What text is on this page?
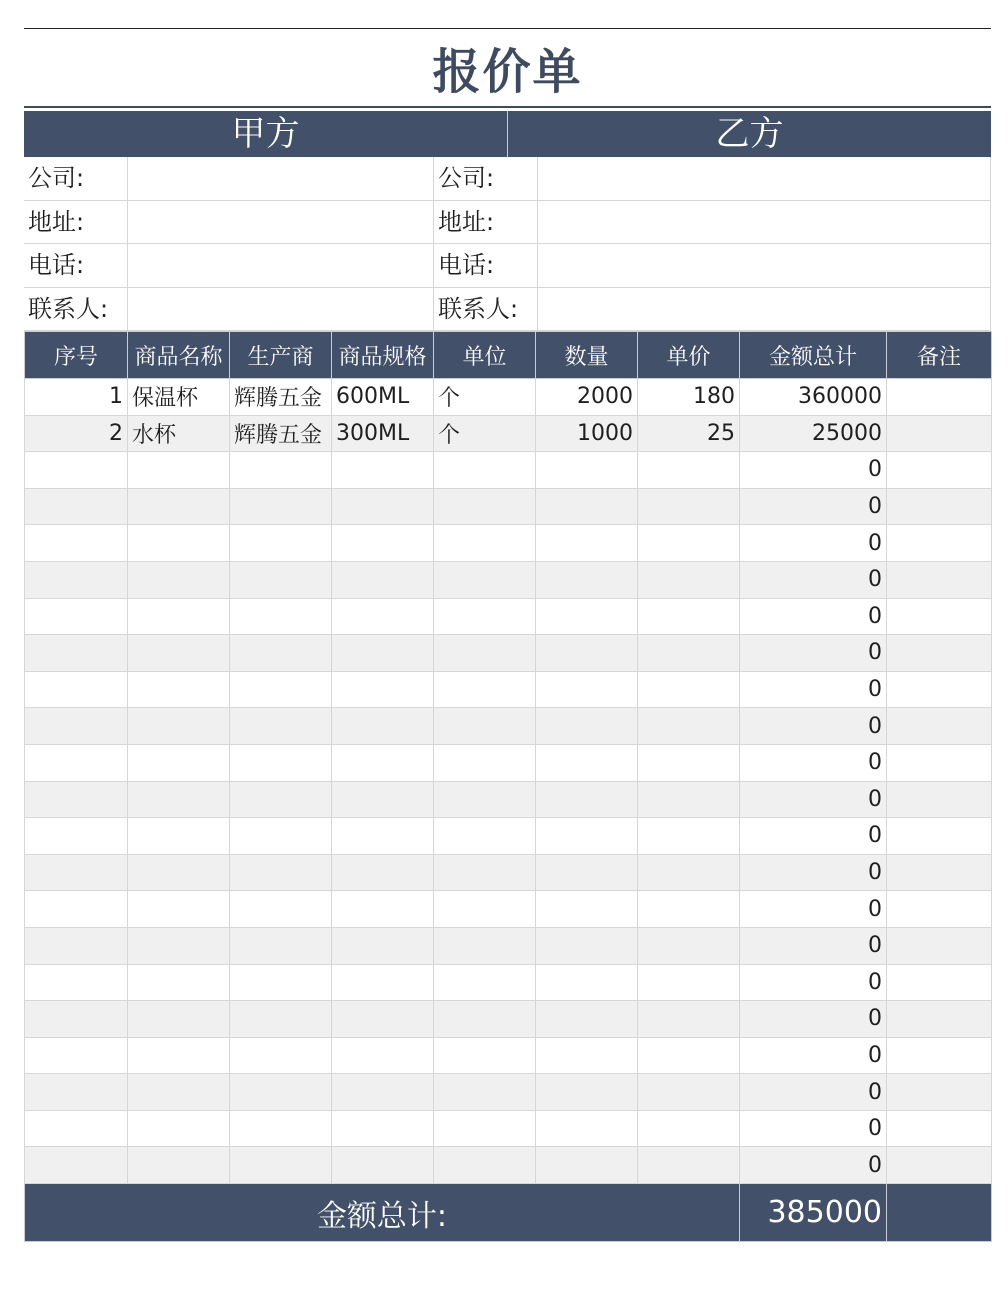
报价单
甲方	乙方
公司:	公司:
地址:	地址:
电话:	电话:
联系人:	联系人:
序号	商品名称	生产商	商品规格	单位	数量	单价	金额总计	备注
1	保温杯	辉腾五金	600ML	个	2000	180	360000	
2	水杯	辉腾五金	300ML	个	1000	25	25000	
							0	
							0	
							0	
							0	
							0	
							0	
							0	
							0	
							0	
							0	
							0	
							0	
							0	
							0	
							0	
							0	
							0	
							0	
							0	
							0	
金额总计:							385000	
